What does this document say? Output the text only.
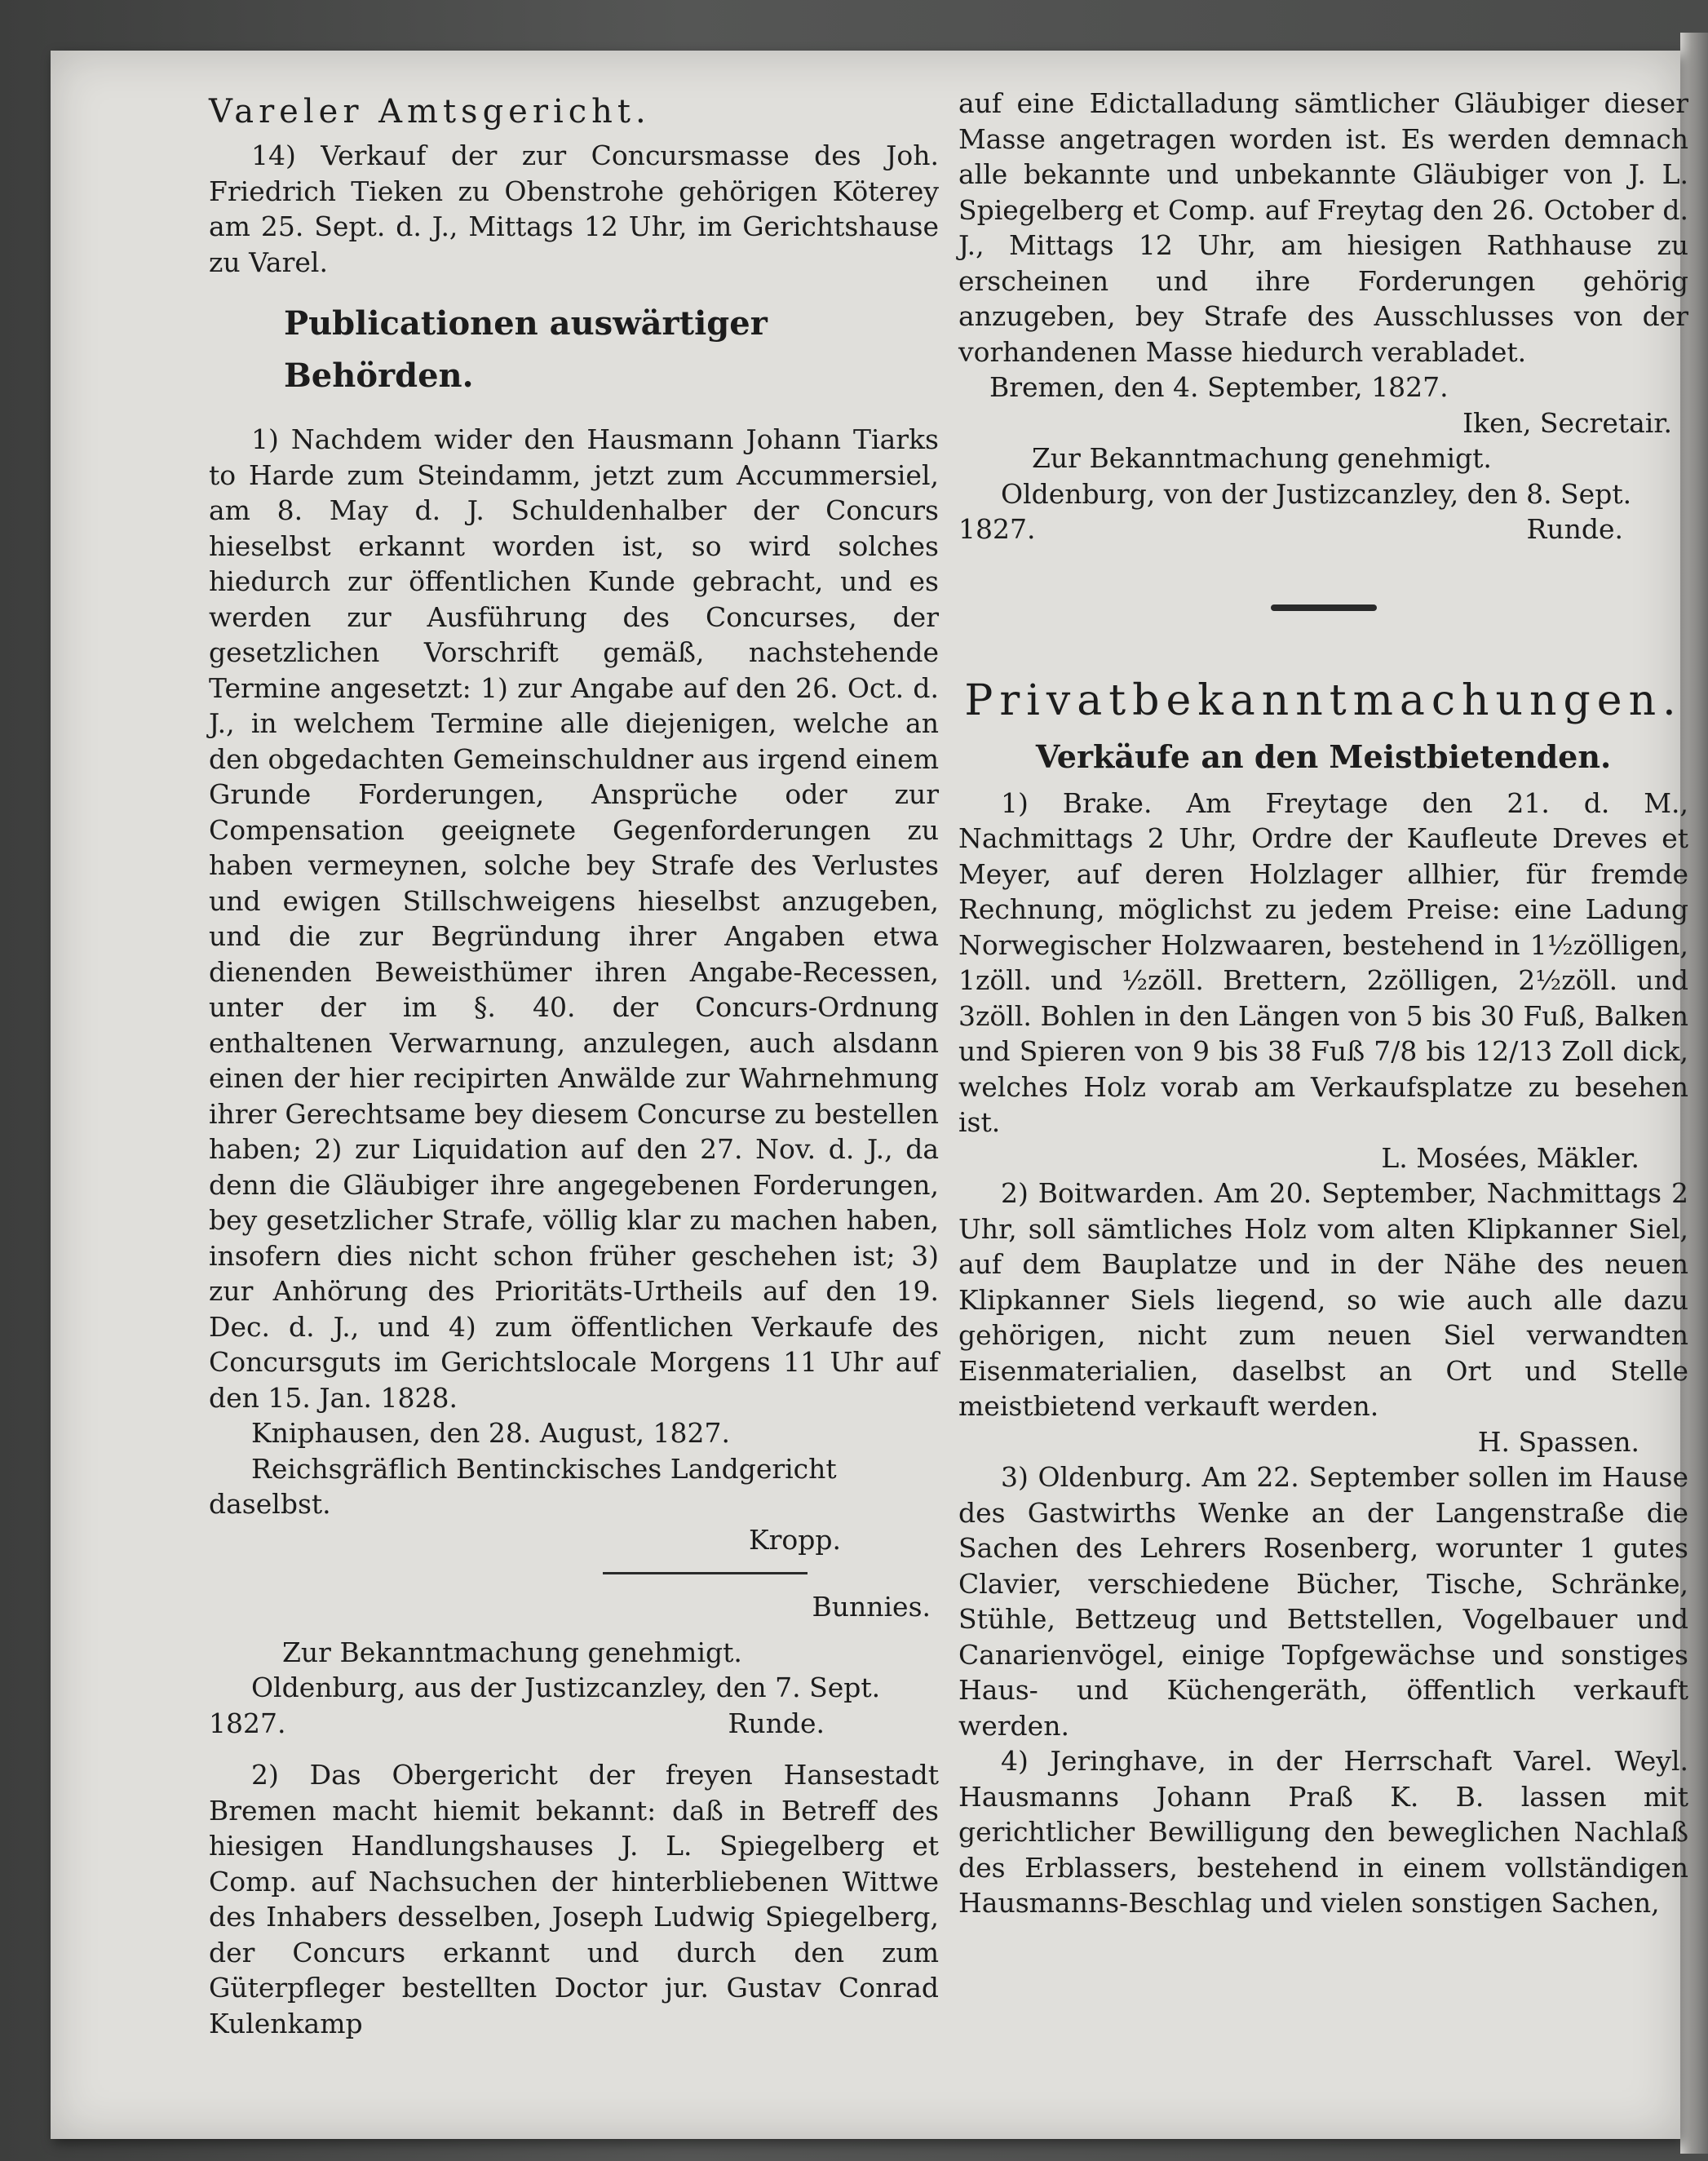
Vareler Amtsgericht.

14) Verkauf der zur Concursmasse des Joh. Friedrich Tieken zu Obenstrohe gehörigen Köterey am 25. Sept. d. J., Mittags 12 Uhr, im Gerichtshause zu Varel.

Publicationen auswärtiger Behörden.

1) Nachdem wider den Hausmann Johann Tiarks to Harde zum Steindamm, jetzt zum Accummersiel, am 8. May d. J. Schuldenhalber der Concurs hieselbst erkannt worden ist, so wird solches hiedurch zur öffentlichen Kunde gebracht, und es werden zur Ausführung des Concurses, der gesetzlichen Vorschrift gemäß, nachstehende Termine angesetzt: 1) zur Angabe auf den 26. Oct. d. J., in welchem Termine alle diejenigen, welche an den obgedachten Gemeinschuldner aus irgend einem Grunde Forderungen, Ansprüche oder zur Compensation geeignete Gegenforderungen zu haben vermeynen, solche bey Strafe des Verlustes und ewigen Stillschweigens hieselbst anzugeben, und die zur Begründung ihrer Angaben etwa dienenden Beweisthümer ihren Angabe-Recessen, unter der im §. 40. der Concurs-Ordnung enthaltenen Verwarnung, anzulegen, auch alsdann einen der hier recipirten Anwälde zur Wahrnehmung ihrer Gerechtsame bey diesem Concurse zu bestellen haben; 2) zur Liquidation auf den 27. Nov. d. J., da denn die Gläubiger ihre angegebenen Forderungen, bey gesetzlicher Strafe, völlig klar zu machen haben, insofern dies nicht schon früher geschehen ist; 3) zur Anhörung des Prioritäts-Urtheils auf den 19. Dec. d. J., und 4) zum öffentlichen Verkaufe des Concursguts im Gerichtslocale Morgens 11 Uhr auf den 15. Jan. 1828.

Kniphausen, den 28. August, 1827.

Reichsgräflich Bentinckisches Landgericht daselbst.

Kropp.

Bunnies.

Zur Bekanntmachung genehmigt.

Oldenburg, aus der Justizcanzley, den 7. Sept.

1827.	Runde.

2) Das Obergericht der freyen Hansestadt Bremen macht hiemit bekannt: daß in Betreff des hiesigen Handlungshauses J. L. Spiegelberg et Comp. auf Nachsuchen der hinterbliebenen Wittwe des Inhabers desselben, Joseph Ludwig Spiegelberg, der Concurs erkannt und durch den zum Güterpfleger bestellten Doctor jur. Gustav Conrad Kulenkamp

auf eine Edictalladung sämtlicher Gläubiger dieser Masse angetragen worden ist. Es werden demnach alle bekannte und unbekannte Gläubiger von J. L. Spiegelberg et Comp. auf Freytag den 26. October d. J., Mittags 12 Uhr, am hiesigen Rathhause zu erscheinen und ihre Forderungen gehörig anzugeben, bey Strafe des Ausschlusses von der vorhandenen Masse hiedurch verabladet.

Bremen, den 4. September, 1827.

Iken, Secretair.

Zur Bekanntmachung genehmigt.

Oldenburg, von der Justizcanzley, den 8. Sept.

1827.	Runde.

Privatbekanntmachungen.

Verkäufe an den Meistbietenden.

1) Brake. Am Freytage den 21. d. M., Nachmittags 2 Uhr, Ordre der Kaufleute Dreves et Meyer, auf deren Holzlager allhier, für fremde Rechnung, möglichst zu jedem Preise: eine Ladung Norwegischer Holzwaaren, bestehend in 1½zölligen, 1zöll. und ½zöll. Brettern, 2zölligen, 2½zöll. und 3zöll. Bohlen in den Längen von 5 bis 30 Fuß, Balken und Spieren von 9 bis 38 Fuß 7/8 bis 12/13 Zoll dick, welches Holz vorab am Verkaufsplatze zu besehen ist.

L. Mosées, Mäkler.

2) Boitwarden. Am 20. September, Nachmittags 2 Uhr, soll sämtliches Holz vom alten Klipkanner Siel, auf dem Bauplatze und in der Nähe des neuen Klipkanner Siels liegend, so wie auch alle dazu gehörigen, nicht zum neuen Siel verwandten Eisenmaterialien, daselbst an Ort und Stelle meistbietend verkauft werden.

H. Spassen.

3) Oldenburg. Am 22. September sollen im Hause des Gastwirths Wenke an der Langenstraße die Sachen des Lehrers Rosenberg, worunter 1 gutes Clavier, verschiedene Bücher, Tische, Schränke, Stühle, Bettzeug und Bettstellen, Vogelbauer und Canarienvögel, einige Topfgewächse und sonstiges Haus- und Küchengeräth, öffentlich verkauft werden.

4) Jeringhave, in der Herrschaft Varel. Weyl. Hausmanns Johann Praß K. B. lassen mit gerichtlicher Bewilligung den beweglichen Nachlaß des Erblassers, bestehend in einem vollständigen Hausmanns-Beschlag und vielen sonstigen Sachen,
